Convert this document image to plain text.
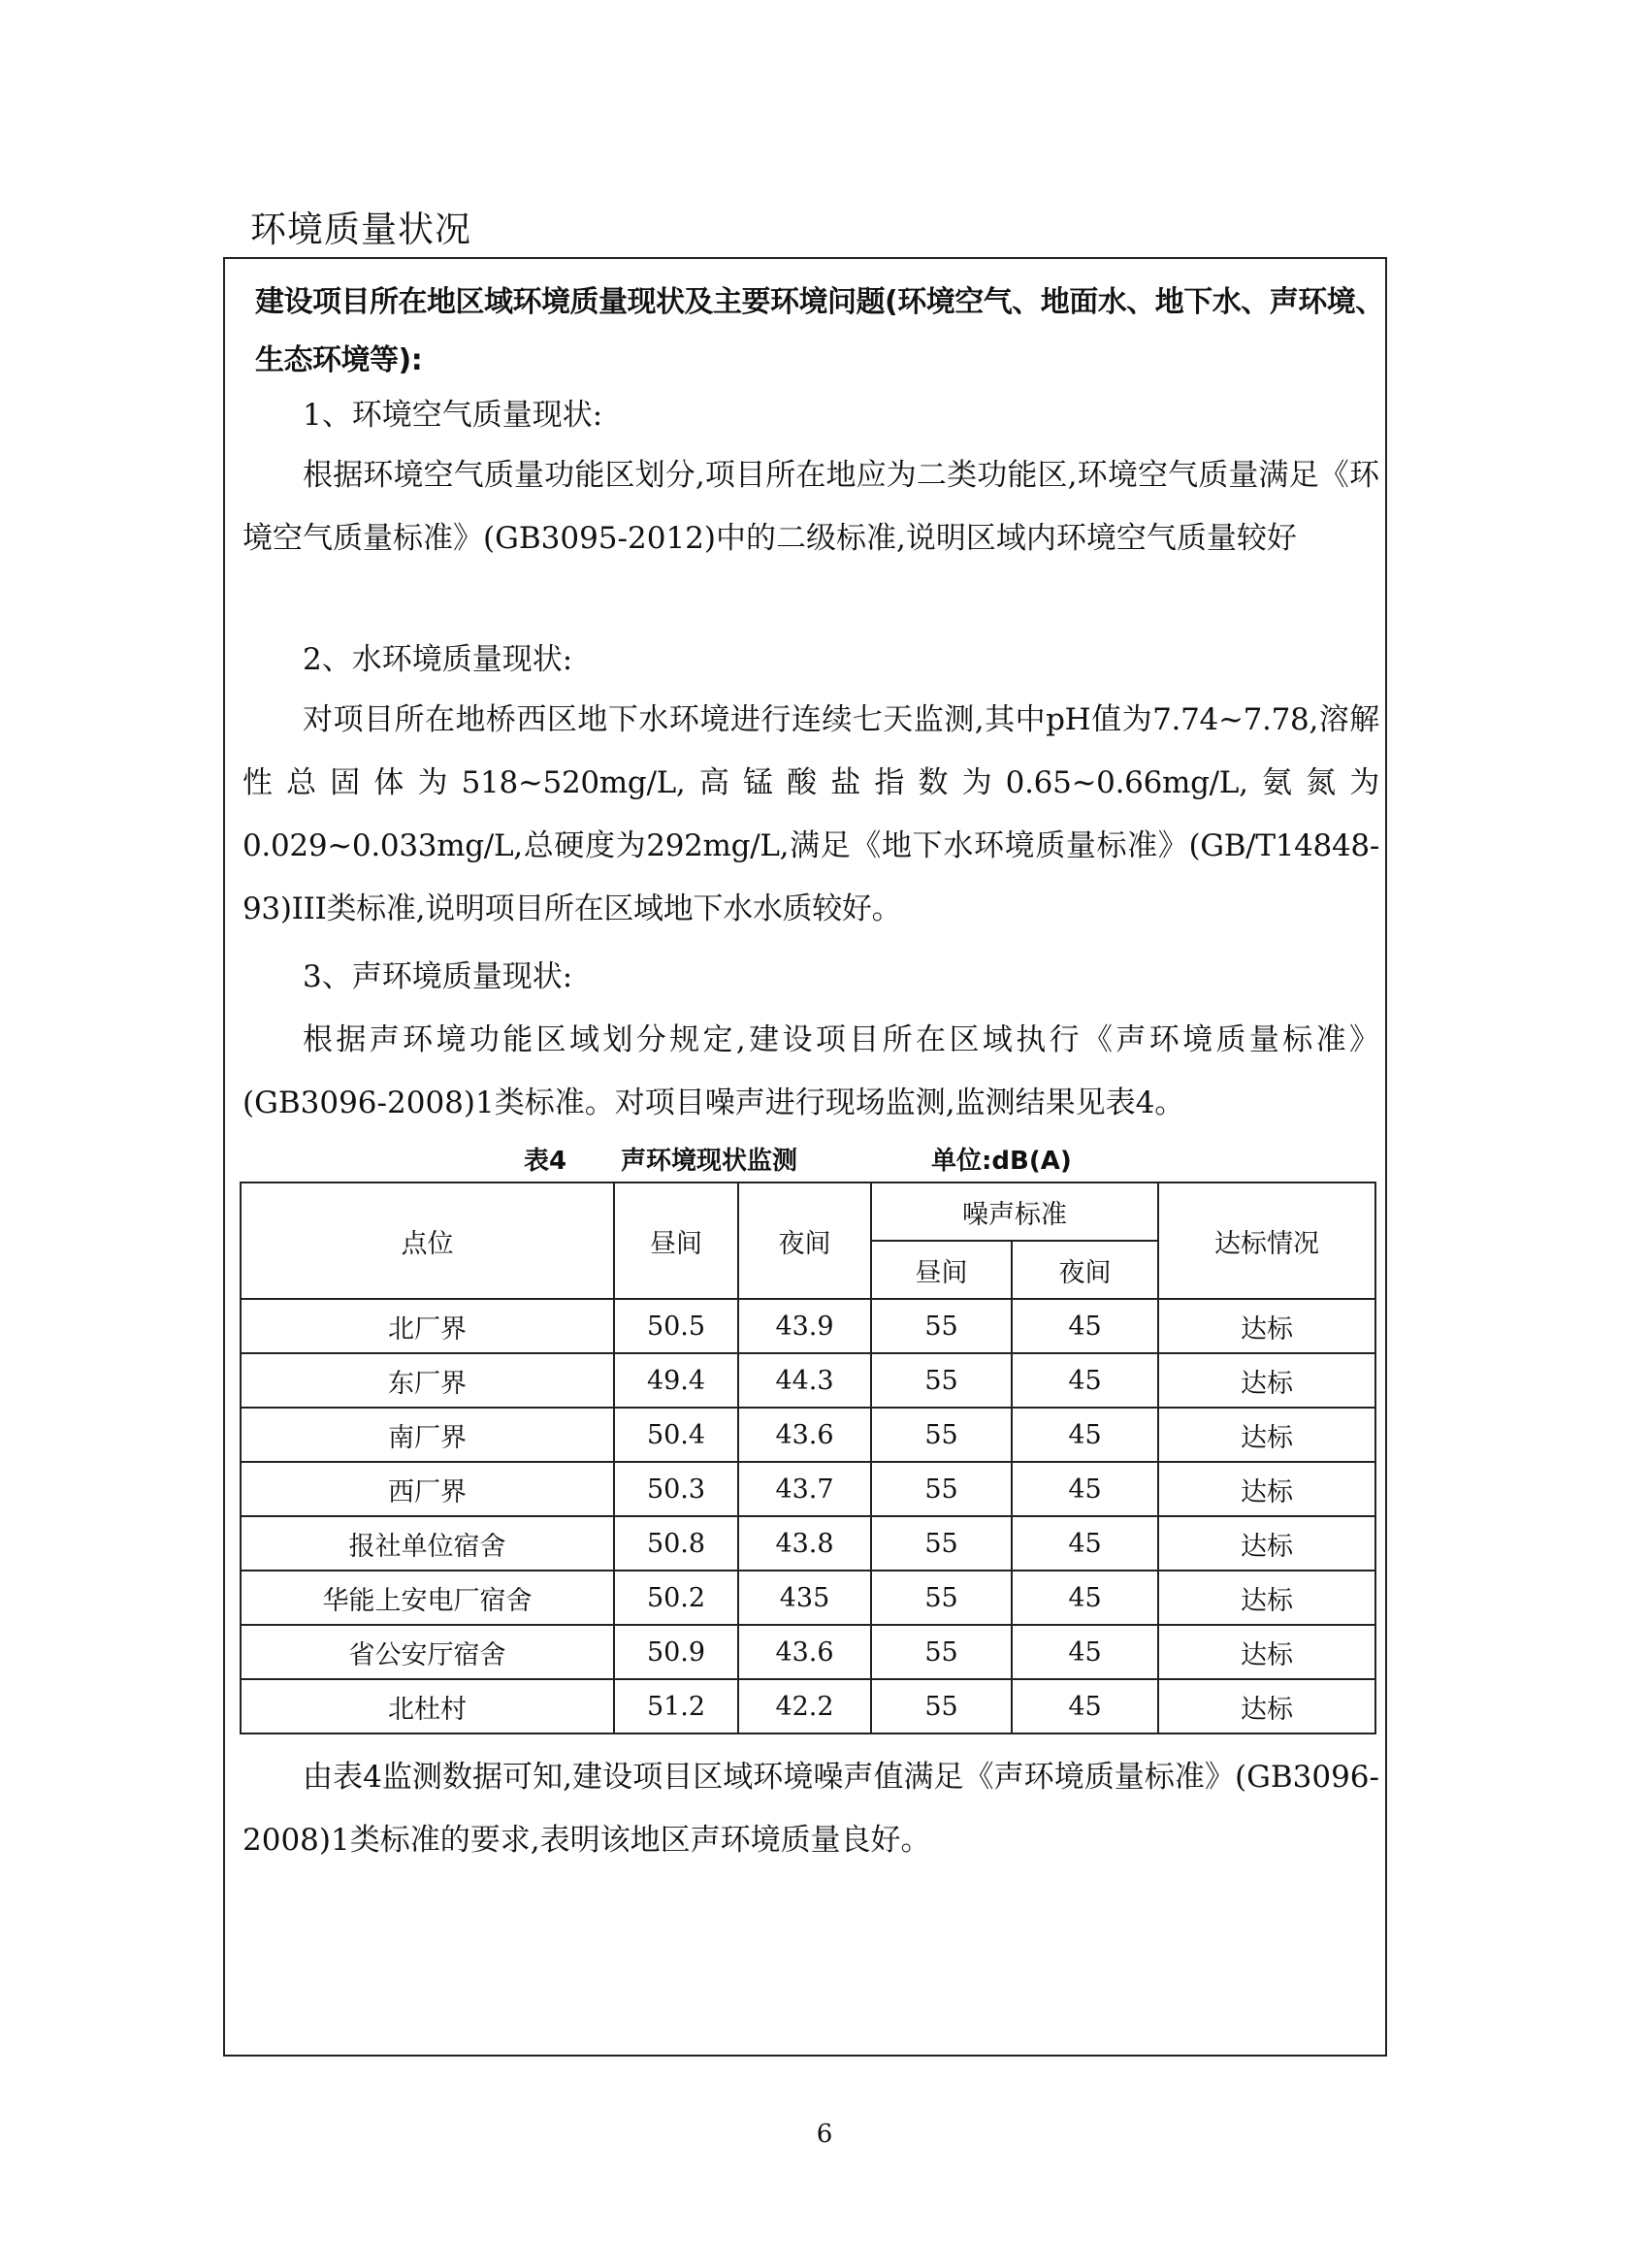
环境质量状况
建设项目所在地区域环境质量现状及主要环境问题(环境空气、地面水、地下水、声环境、生态环境等):
1、环境空气质量现状:
根据环境空气质量功能区划分,项目所在地应为二类功能区,环境空气质量满足《环境空气质量标准》(GB3095-2012)中的二级标准,说明区域内环境空气质量较好
2、水环境质量现状:
对项目所在地桥西区地下水环境进行连续七天监测,其中pH值为7.74~7.78,溶解性总固体为518~520mg/L,高锰酸盐指数为0.65~0.66mg/L,氨氮为0.029~0.033mg/L,总硬度为292mg/L,满足《地下水环境质量标准》(GB/T14848-93)III类标准,说明项目所在区域地下水水质较好。
3、声环境质量现状:
根据声环境功能区域划分规定,建设项目所在区域执行《声环境质量标准》(GB3096-2008)1类标准。对项目噪声进行现场监测,监测结果见表4。
表4 声环境现状监测	单位:dB(A)
点位	昼间	夜间	噪声标准		达标情况
			昼间	夜间	
北厂界	50.5	43.9	55	45	达标
东厂界	49.4	44.3	55	45	达标
南厂界	50.4	43.6	55	45	达标
西厂界	50.3	43.7	55	45	达标
报社单位宿舍	50.8	43.8	55	45	达标
华能上安电厂宿舍	50.2	435	55	45	达标
省公安厅宿舍	50.9	43.6	55	45	达标
北杜村	51.2	42.2	55	45	达标
由表4监测数据可知,建设项目区域环境噪声值满足《声环境质量标准》(GB3096-2008)1类标准的要求,表明该地区声环境质量良好。
6
